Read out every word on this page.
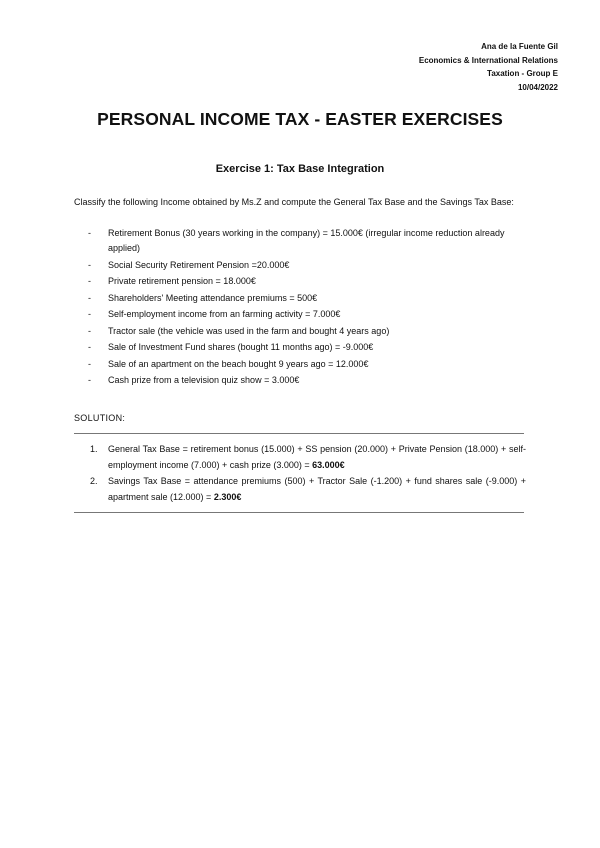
Ana de la Fuente Gil
Economics & International Relations
Taxation - Group E
10/04/2022
PERSONAL INCOME TAX - EASTER EXERCISES
Exercise 1: Tax Base Integration
Classify the following Income obtained by Ms.Z and compute the General Tax Base and the Savings Tax Base:
- Retirement Bonus (30 years working in the company) = 15.000€ (irregular income reduction already applied)
- Social Security Retirement Pension =20.000€
- Private retirement pension = 18.000€
- Shareholders' Meeting attendance premiums = 500€
- Self-employment income from an farming activity = 7.000€
- Tractor sale (the vehicle was used in the farm and bought 4 years ago)
- Sale of Investment Fund shares (bought 11 months ago) = -9.000€
- Sale of an apartment on the beach bought 9 years ago = 12.000€
- Cash prize from a television quiz show = 3.000€
SOLUTION:
1. General Tax Base = retirement bonus (15.000) + SS pension (20.000) + Private Pension (18.000) + self-employment income (7.000) + cash prize (3.000) = 63.000€
2. Savings Tax Base = attendance premiums (500) + Tractor Sale (-1.200) + fund shares sale (-9.000) + apartment sale (12.000) = 2.300€
